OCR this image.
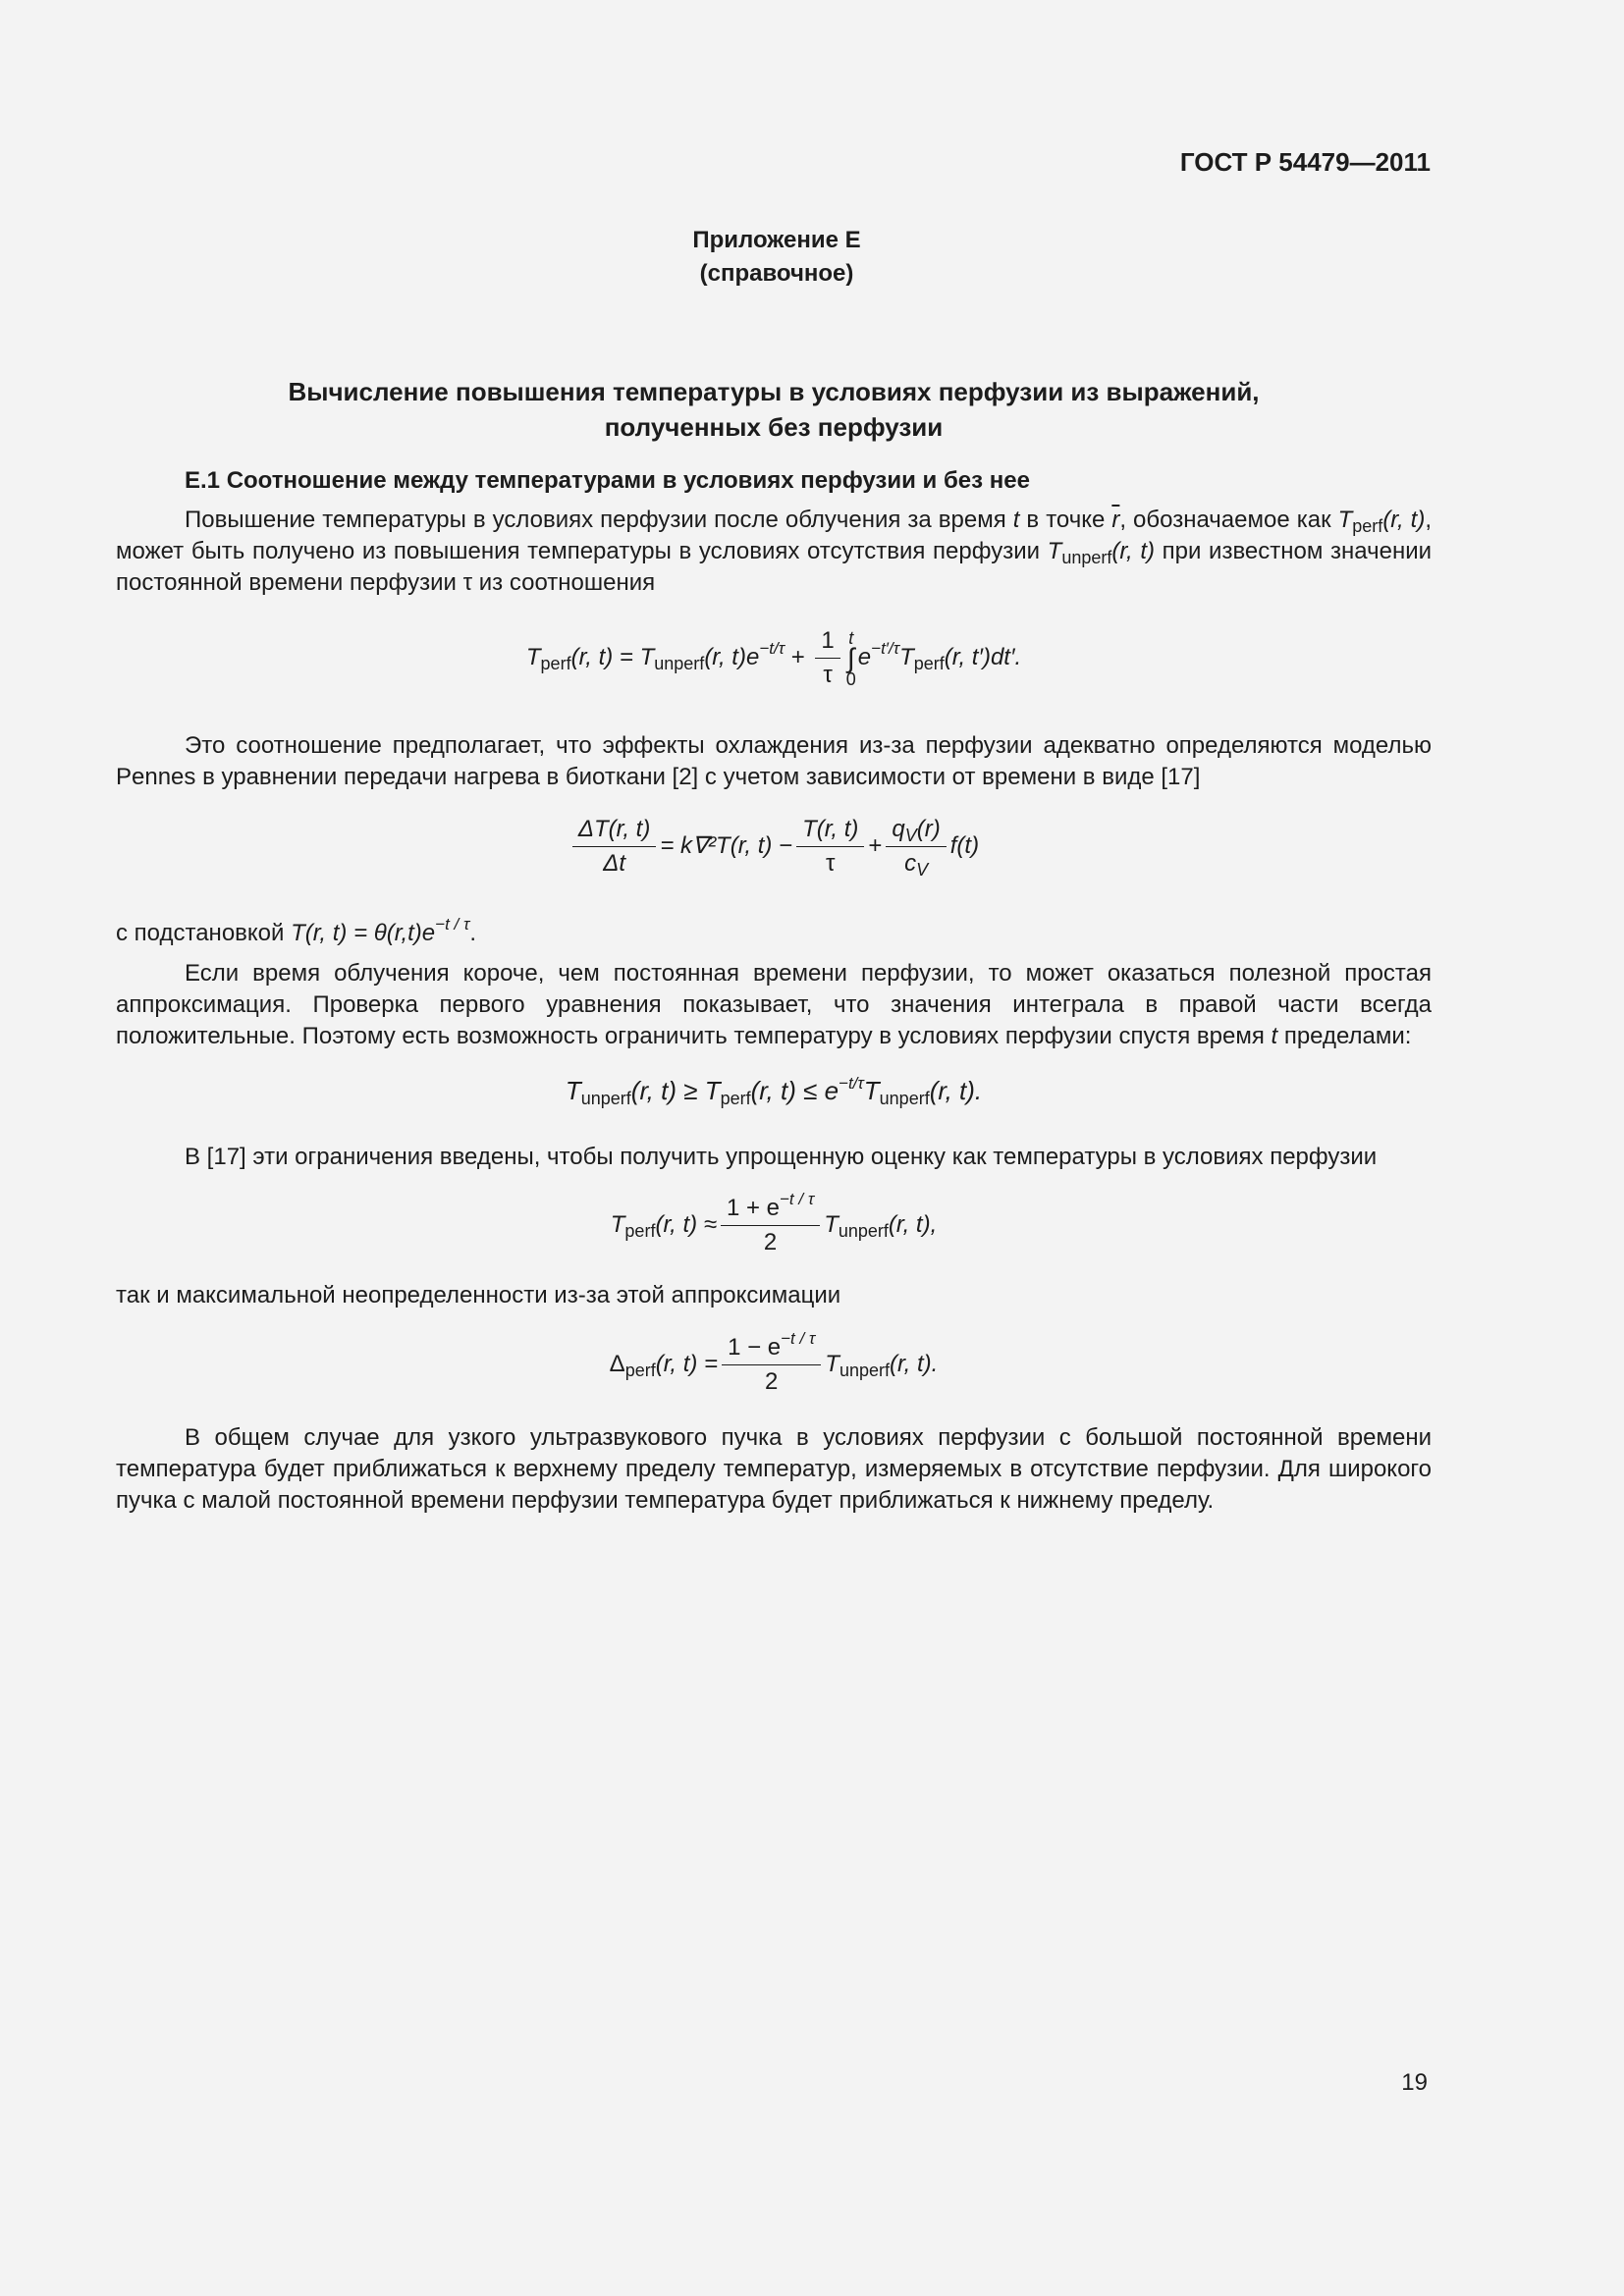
ГОСТ Р 54479—2011
Приложение Е
(справочное)
Вычисление повышения температуры в условиях перфузии из выражений,
полученных без перфузии
Е.1 Соотношение между температурами в условиях перфузии и без нее
Повышение температуры в условиях перфузии после облучения за время t в точке $\overline{r}$, обозначаемое как $T_{perf}(r$, t), может быть получено из повышения температуры в условиях отсутствия перфузии $T_{unperf}(r$, t) при известном значении постоянной времени перфузии τ из соотношения
$T_{perf}(r$, $t) = T_{unperf}(r$, $t)e^{-t/\tau} + \frac{1}{\tau}$ t
∫
0
$e^{-t'/\tau}T_{perf}(r$, t′)dt′.
Это соотношение предполагает, что эффекты охлаждения из-за перфузии адекватно определяются моделью Pennes в уравнении передачи нагрева в биоткани [2] с учетом зависимости от времени в виде [17]
$\frac{\Delta T(r, t)}{\Delta t} = k\nabla^2T(r$, $t) - \frac{T(r, t)}{\tau} + \frac{q_V(r)}{c_V} f(t)$
с подстановкой T(r, $t) = \theta(r,t)e^{-t / \tau}$.
Если время облучения короче, чем постоянная времени перфузии, то может оказаться полезной простая аппроксимация. Проверка первого уравнения показывает, что значения интеграла в правой части всегда положительные. Поэтому есть возможность ограничить температуру в условиях перфузии спустя время t пределами:
$T_{unperf}(r$, $t) \ge T_{perf}(r$, $t) \le e^{-t/\tau}T_{unperf}(r$, t).
В [17] эти ограничения введены, чтобы получить упрощенную оценку как температуры в условиях перфузии
$T_{perf}(r$, $t) \approx \frac{1 + e^{-t / \tau}}{2} T_{unperf}(r$, t),
так и максимальной неопределенности из-за этой аппроксимации
$\Delta_{perf}(r$, $t) = \frac{1 - e^{-t / \tau}}{2} T_{unperf}(r$, t).
В общем случае для узкого ультразвукового пучка в условиях перфузии с большой постоянной времени температура будет приближаться к верхнему пределу температур, измеряемых в отсутствие перфузии. Для широкого пучка с малой постоянной времени перфузии температура будет приближаться к нижнему пределу.
19
